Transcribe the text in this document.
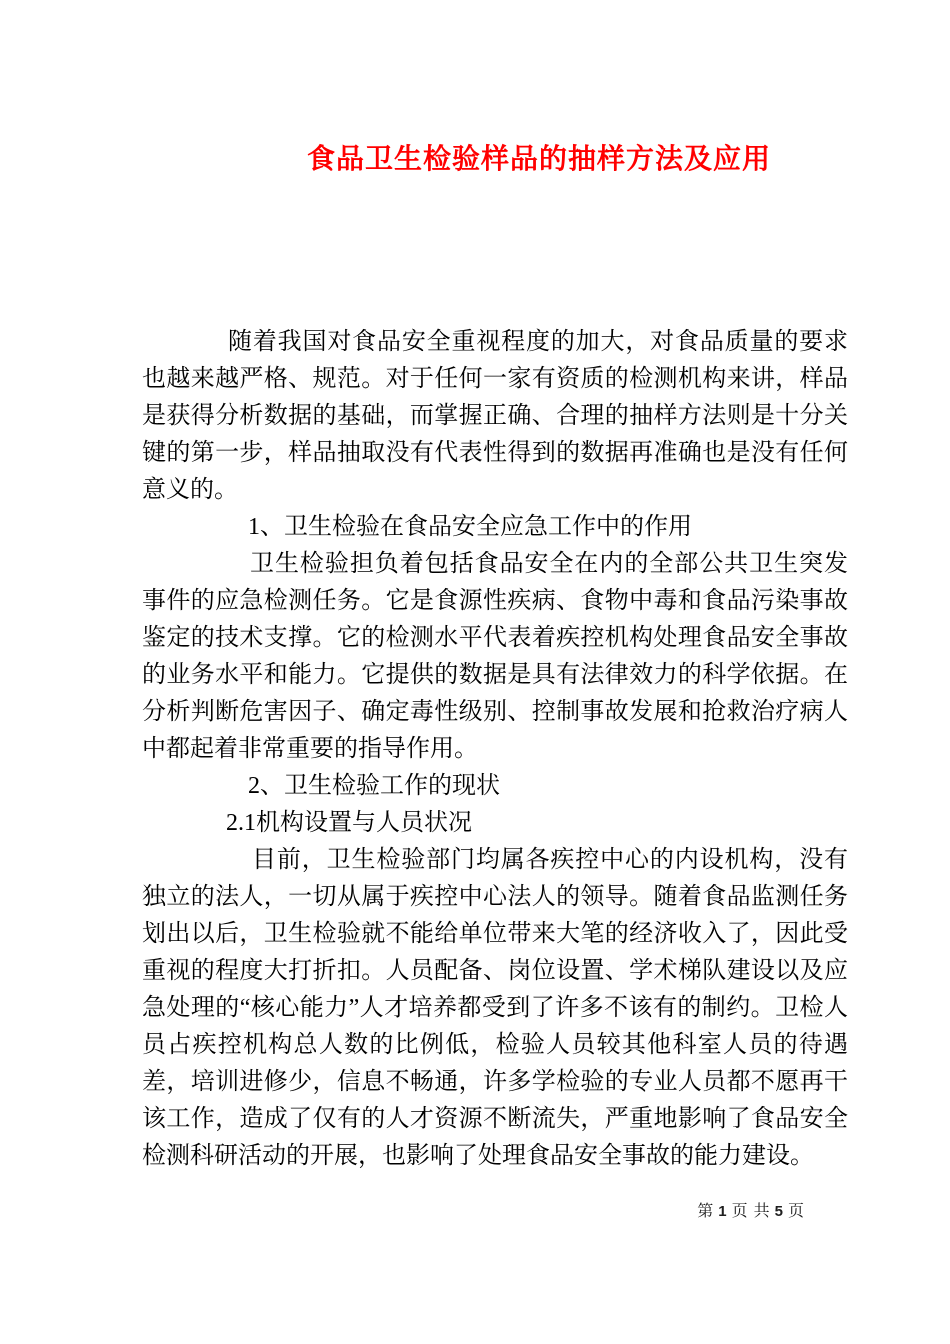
食品卫生检验样品的抽样方法及应用

随着我国对食品安全重视程度的加大，对食品质量的要求也越来越严格、规范。对于任何一家有资质的检测机构来讲，样品是获得分析数据的基础，而掌握正确、合理的抽样方法则是十分关键的第一步，样品抽取没有代表性得到的数据再准确也是没有任何意义的。

1、卫生检验在食品安全应急工作中的作用

卫生检验担负着包括食品安全在内的全部公共卫生突发事件的应急检测任务。它是食源性疾病、食物中毒和食品污染事故鉴定的技术支撑。它的检测水平代表着疾控机构处理食品安全事故的业务水平和能力。它提供的数据是具有法律效力的科学依据。在分析判断危害因子、确定毒性级别、控制事故发展和抢救治疗病人中都起着非常重要的指导作用。

2、卫生检验工作的现状

2.1机构设置与人员状况

目前，卫生检验部门均属各疾控中心的内设机构，没有独立的法人，一切从属于疾控中心法人的领导。随着食品监测任务划出以后，卫生检验就不能给单位带来大笔的经济收入了，因此受重视的程度大打折扣。人员配备、岗位设置、学术梯队建设以及应急处理的“核心能力”人才培养都受到了许多不该有的制约。卫检人员占疾控机构总人数的比例低，检验人员较其他科室人员的待遇差，培训进修少，信息不畅通，许多学检验的专业人员都不愿再干该工作，造成了仅有的人才资源不断流失，严重地影响了食品安全检测科研活动的开展，也影响了处理食品安全事故的能力建设。

第 1 页 共 5 页
